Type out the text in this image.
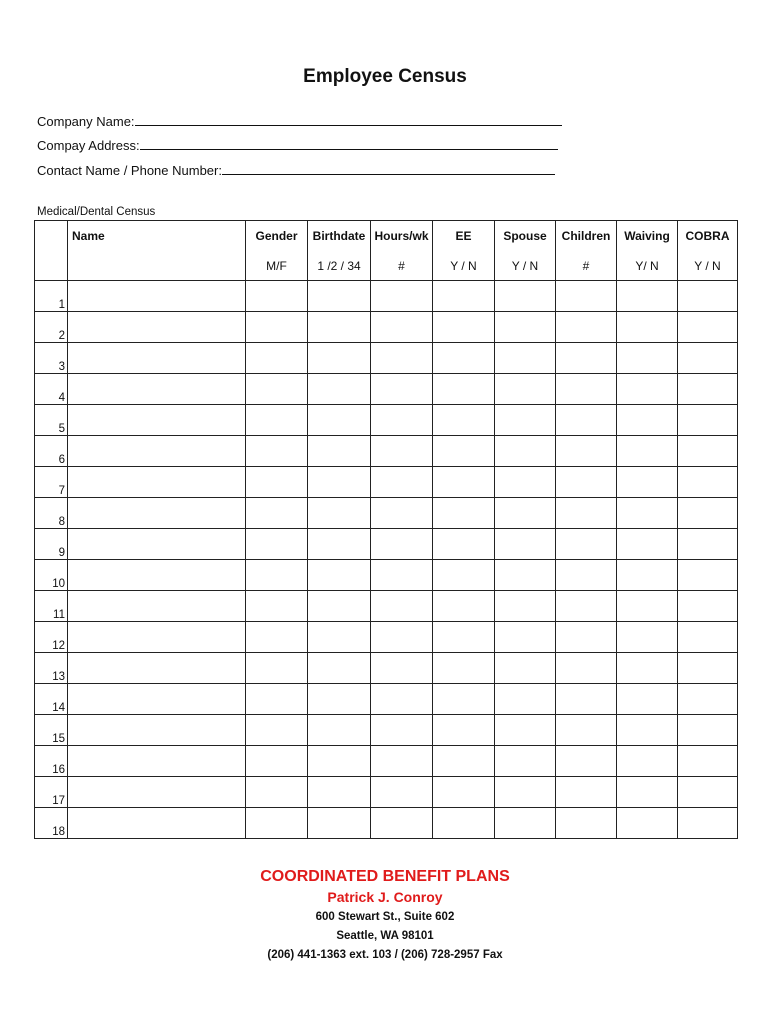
Employee Census
Company Name:
Compay Address:
Contact Name / Phone Number:
Medical/Dental Census
	Name	Gender	Birthdate	Hours/wk	EE	Spouse	Children	Waiving	COBRA
		M/F	1 /2 / 34	#	Y / N	Y / N	#	Y/ N	Y / N
1									
2									
3									
4									
5									
6									
7									
8									
9									
10									
11									
12									
13									
14									
15									
16									
17									
18									
COORDINATED BENEFIT PLANS
Patrick J. Conroy
600 Stewart St., Suite 602
Seattle, WA 98101
(206) 441-1363 ext. 103 / (206) 728-2957 Fax
